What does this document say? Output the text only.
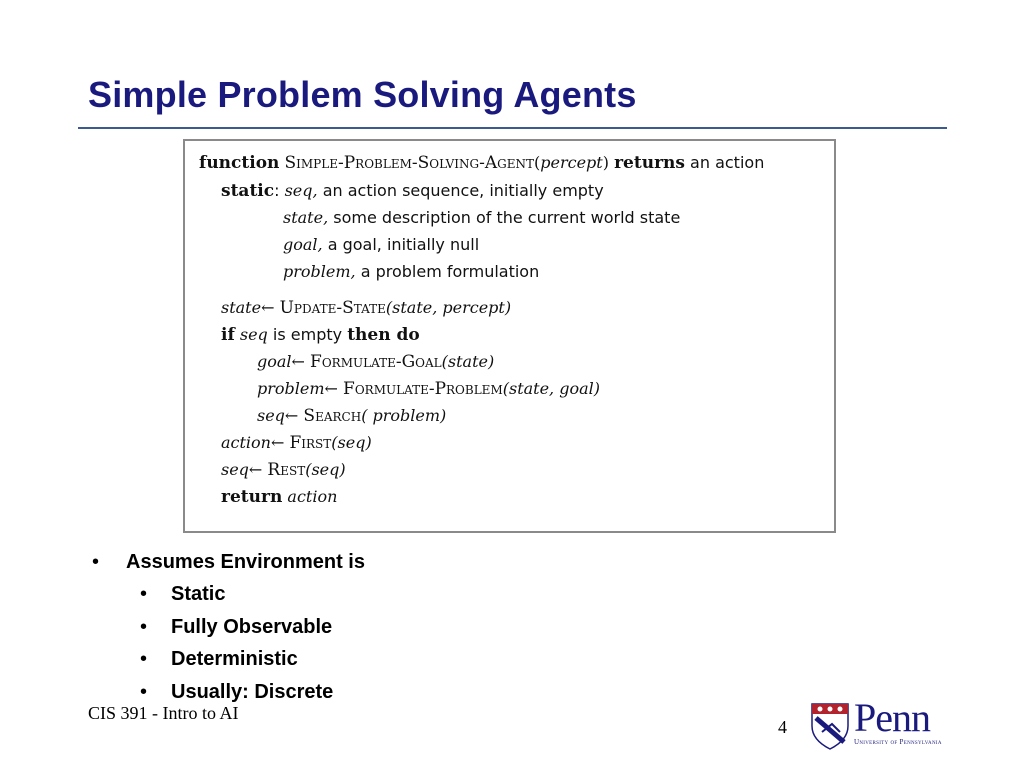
Simple Problem Solving Agents
function Simple-Problem-Solving-Agent(percept) returns an action
static: seq, an action sequence, initially empty
state, some description of the current world state
goal, a goal, initially null
problem, a problem formulation
state← Update-State(state, percept)
if seq is empty then do
goal← Formulate-Goal(state)
problem← Formulate-Problem(state, goal)
seq← Search( problem)
action← First(seq)
seq← Rest(seq)
return action
• Assumes Environment is
• Static
• Fully Observable
• Deterministic
• Usually: Discrete
CIS 391 - Intro to AI
4 Penn
University of Pennsylvania
